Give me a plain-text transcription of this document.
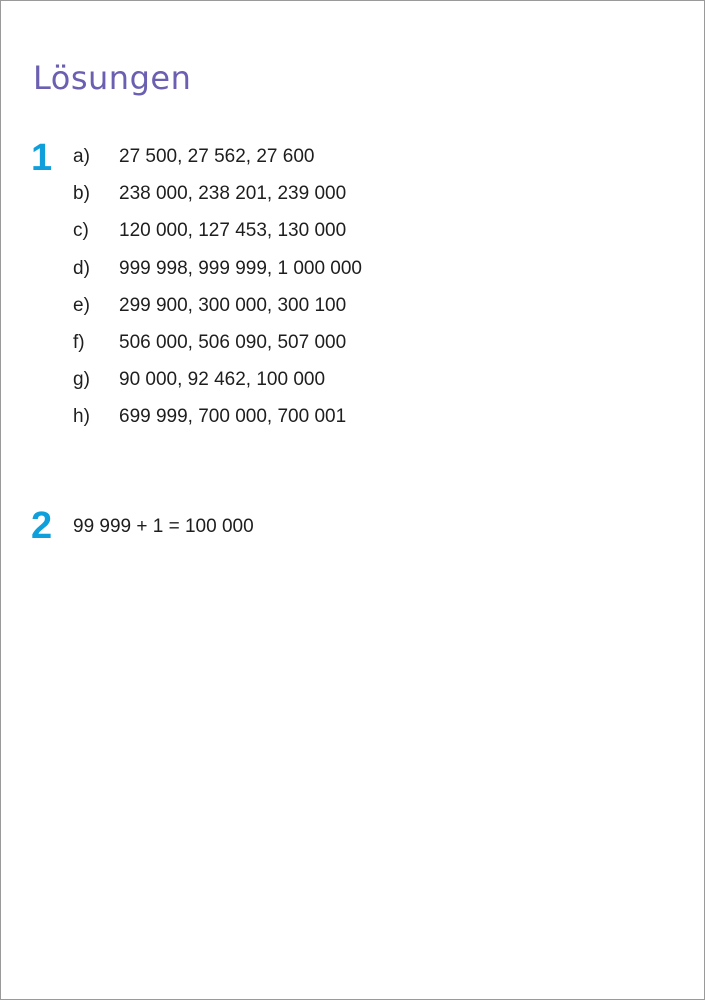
Lösungen
1 a)	27 500, 27 562, 27 600
b)	238 000, 238 201, 239 000
c)	120 000, 127 453, 130 000
d)	999 998, 999 999, 1 000 000
e)	299 900, 300 000, 300 100
f)	506 000, 506 090, 507 000
g)	90 000, 92 462, 100 000
h)	699 999, 700 000, 700 001
2 99 999 + 1 = 100 000
